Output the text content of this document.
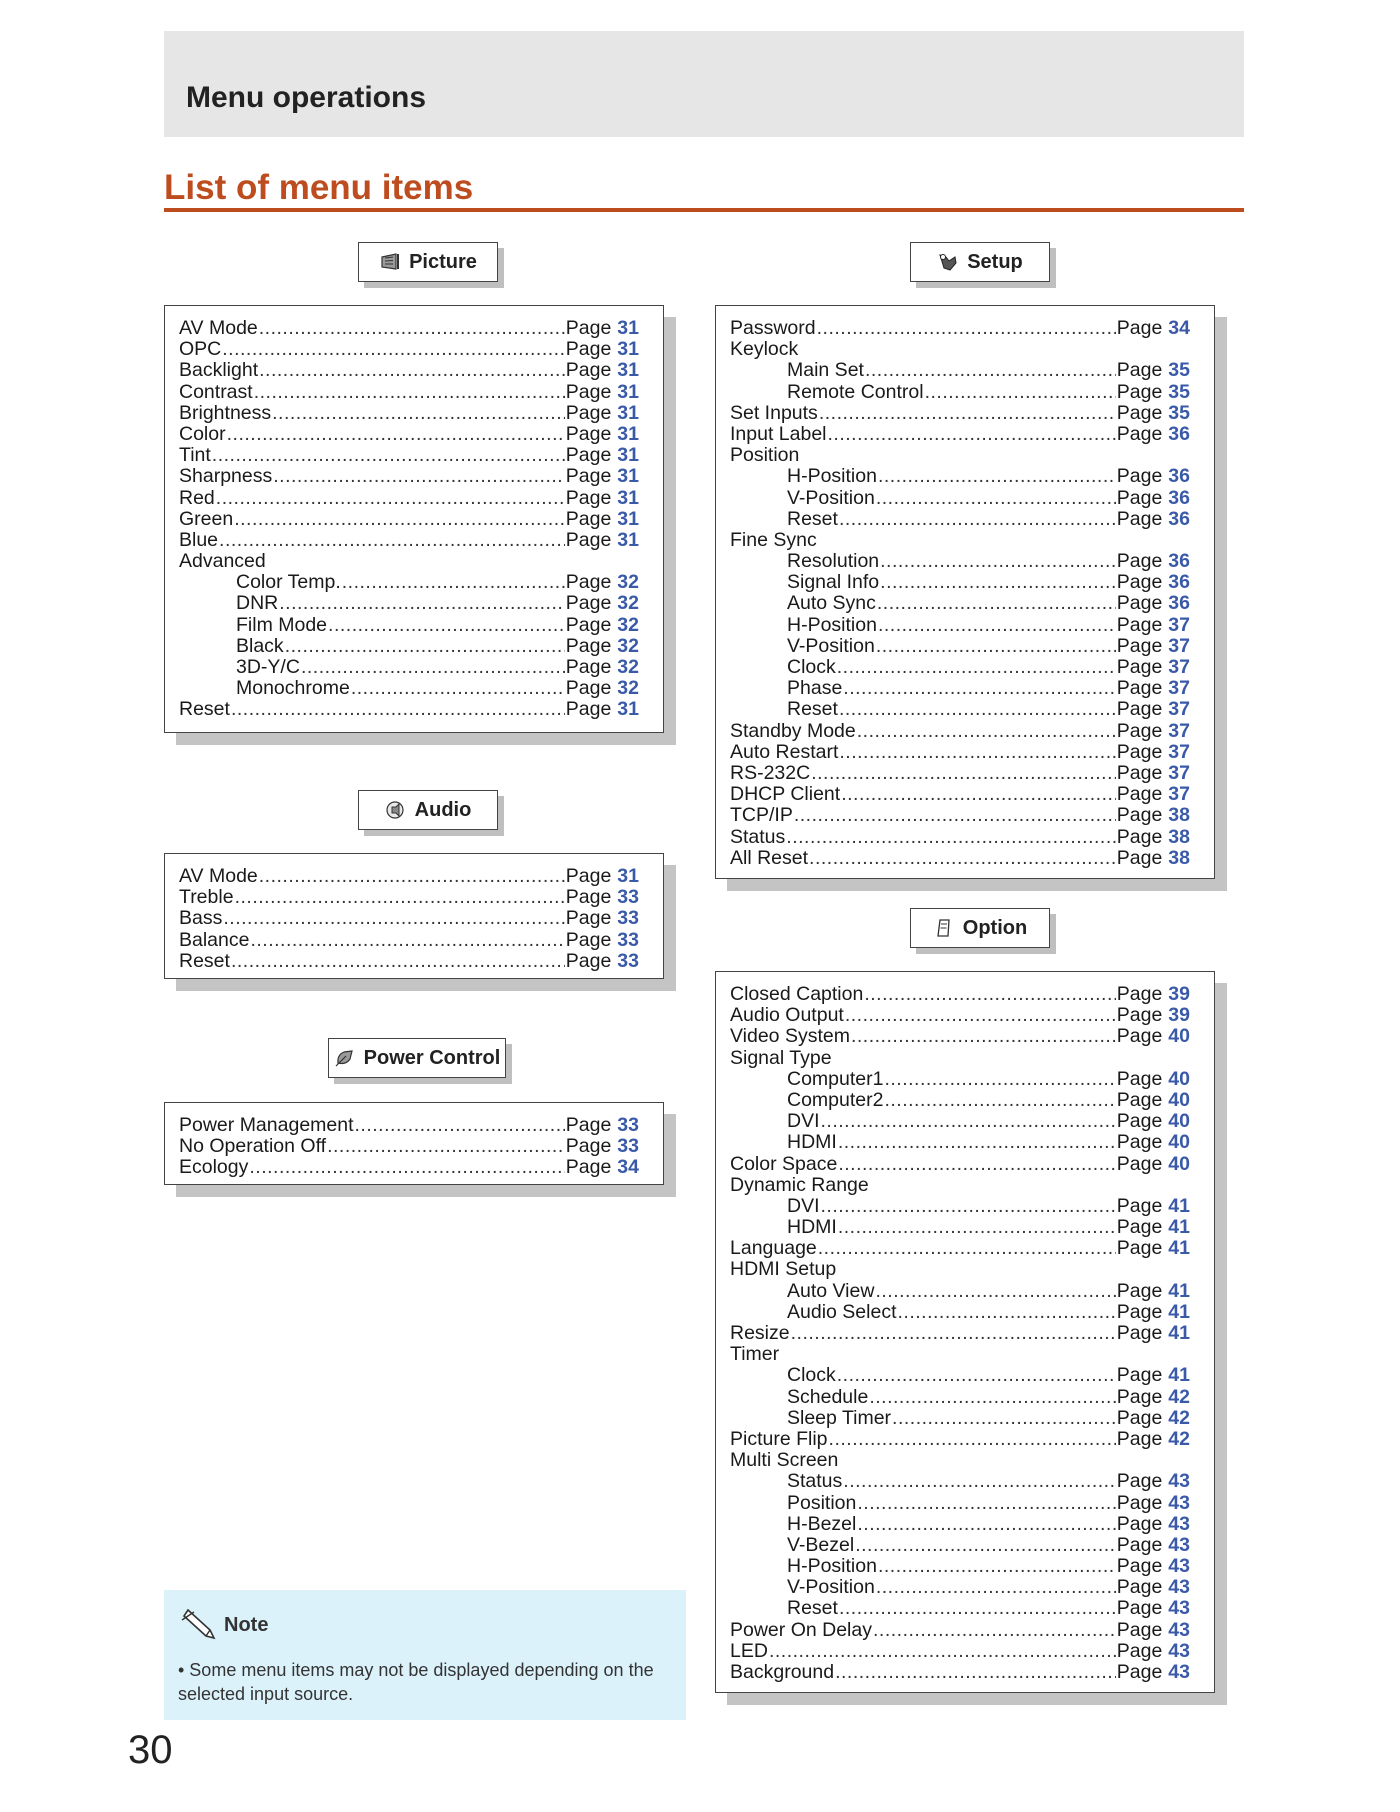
Menu operations
List of menu items
Picture
AV Mode .....	Page 31
OPC .....	Page 31
Backlight .....	Page 31
Contrast .....	Page 31
Brightness .....	Page 31
Color .....	Page 31
Tint .....	Page 31
Sharpness .....	Page 31
Red .....	Page 31
Green .....	Page 31
Blue .....	Page 31
Advanced
Color Temp. .....	Page 32
DNR .....	Page 32
Film Mode .....	Page 32
Black .....	Page 32
3D-Y/C .....	Page 32
Monochrome .....	Page 32
Reset .....	Page 31
Audio
AV Mode .....	Page 31
Treble .....	Page 33
Bass .....	Page 33
Balance .....	Page 33
Reset .....	Page 33
Power Control
Power Management .....	Page 33
No Operation Off .....	Page 33
Ecology .....	Page 34
Setup
Password .....	Page 34
Keylock
Main Set .....	Page 35
Remote Control .....	Page 35
Set Inputs .....	Page 35
Input Label .....	Page 36
Position
H-Position .....	Page 36
V-Position .....	Page 36
Reset .....	Page 36
Fine Sync
Resolution .....	Page 36
Signal Info .....	Page 36
Auto Sync .....	Page 36
H-Position .....	Page 37
V-Position .....	Page 37
Clock .....	Page 37
Phase .....	Page 37
Reset .....	Page 37
Standby Mode .....	Page 37
Auto Restart .....	Page 37
RS-232C .....	Page 37
DHCP Client .....	Page 37
TCP/IP .....	Page 38
Status .....	Page 38
All Reset .....	Page 38
Option
Closed Caption .....	Page 39
Audio Output .....	Page 39
Video System .....	Page 40
Signal Type
Computer1 .....	Page 40
Computer2 .....	Page 40
DVI .....	Page 40
HDMI .....	Page 40
Color Space .....	Page 40
Dynamic Range
DVI .....	Page 41
HDMI .....	Page 41
Language .....	Page 41
HDMI Setup
Auto View .....	Page 41
Audio Select .....	Page 41
Resize .....	Page 41
Timer
Clock .....	Page 41
Schedule .....	Page 42
Sleep Timer .....	Page 42
Picture Flip .....	Page 42
Multi Screen
Status .....	Page 43
Position .....	Page 43
H-Bezel .....	Page 43
V-Bezel .....	Page 43
H-Position .....	Page 43
V-Position .....	Page 43
Reset .....	Page 43
Power On Delay .....	Page 43
LED .....	Page 43
Background .....	Page 43
Note
• Some menu items may not be displayed depending on the selected input source.
30
